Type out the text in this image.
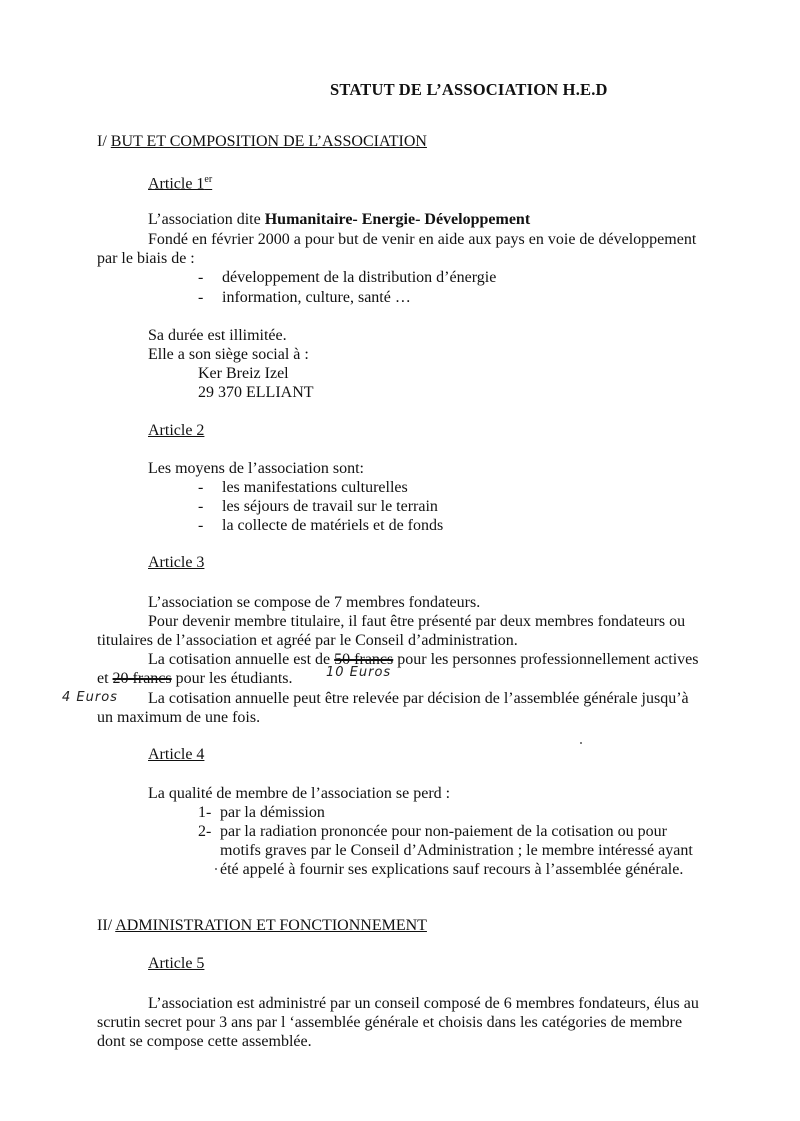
STATUT DE L’ASSOCIATION H.E.D
I/ BUT ET COMPOSITION DE L’ASSOCIATION
Article 1er
L’association dite Humanitaire- Energie- Développement
Fondé en février 2000 a pour but de venir en aide aux pays en voie de développement
par le biais de :
- développement de la distribution d’énergie
- information, culture, santé …
Sa durée est illimitée.
Elle a son siège social à :
Ker Breiz Izel
29 370 ELLIANT
Article 2
Les moyens de l’association sont:
- les manifestations culturelles
- les séjours de travail sur le terrain
- la collecte de matériels et de fonds
Article 3
L’association se compose de 7 membres fondateurs.
Pour devenir membre titulaire, il faut être présenté par deux membres fondateurs ou
titulaires de l’association et agréé par le Conseil d’administration.
La cotisation annuelle est de 50 francs pour les personnes professionnellement actives
et 20 francs pour les étudiants.	10 Euros
4 Euros La cotisation annuelle peut être relevée par décision de l’assemblée générale jusqu’à
un maximum de une fois.
Article 4
La qualité de membre de l’association se perd :
1- par la démission
2- par la radiation prononcée pour non-paiement de la cotisation ou pour
motifs graves par le Conseil d’Administration ; le membre intéressé ayant
été appelé à fournir ses explications sauf recours à l’assemblée générale.
II/ ADMINISTRATION ET FONCTIONNEMENT
Article 5
L’association est administré par un conseil composé de 6 membres fondateurs, élus au
scrutin secret pour 3 ans par l ‘assemblée générale et choisis dans les catégories de membre
dont se compose cette assemblée.
